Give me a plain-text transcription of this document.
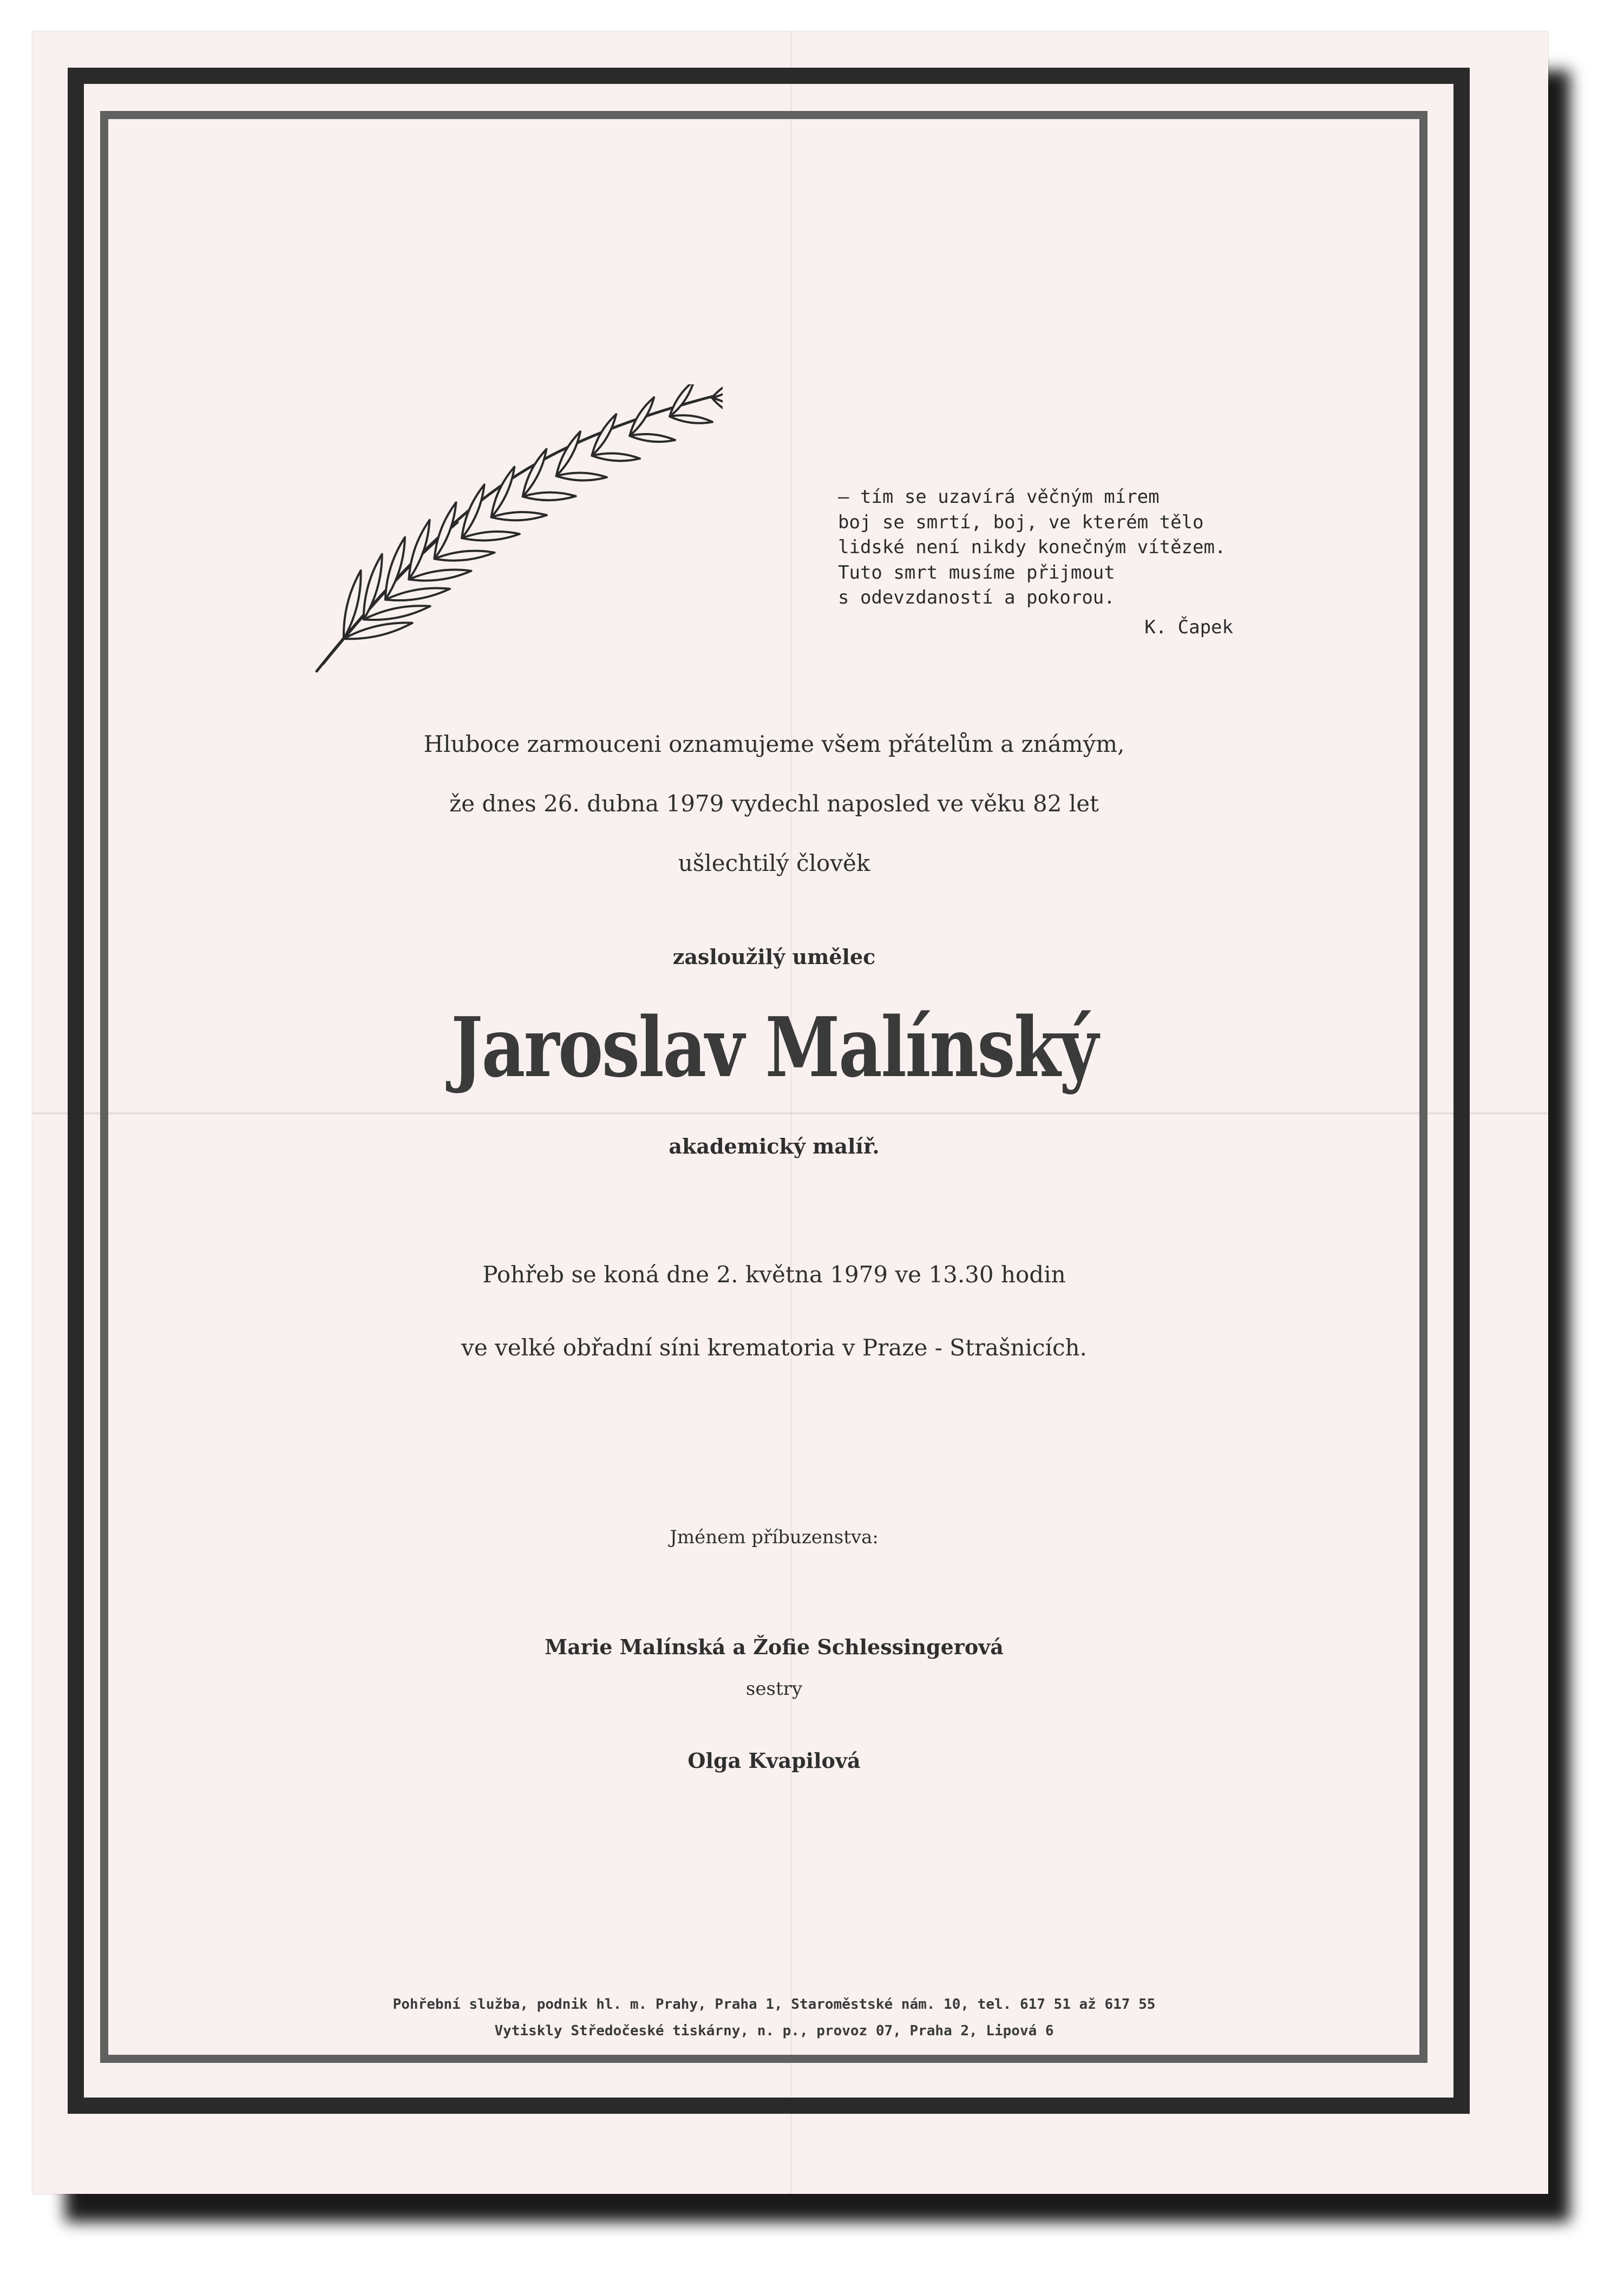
— tím se uzavírá věčným mírem
boj se smrtí, boj, ve kterém tělo
lidské není nikdy konečným vítězem.
Tuto smrt musíme přijmout
s odevzdaností a pokorou.
K. Čapek
Hluboce zarmouceni oznamujeme všem přátelům a známým,
že dnes 26. dubna 1979 vydechl naposled ve věku 82 let
ušlechtilý člověk
zasloužilý umělec
Jaroslav Malínský
akademický malíř.
Pohřeb se koná dne 2. května 1979 ve 13.30 hodin
ve velké obřadní síni krematoria v Praze - Strašnicích.
Jménem příbuzenstva:
Marie Malínská a Žofie Schlessingerová
sestry
Olga Kvapilová
Pohřební služba, podnik hl. m. Prahy, Praha 1, Staroměstské nám. 10, tel. 617 51 až 617 55
Vytiskly Středočeské tiskárny, n. p., provoz 07, Praha 2, Lipová 6
